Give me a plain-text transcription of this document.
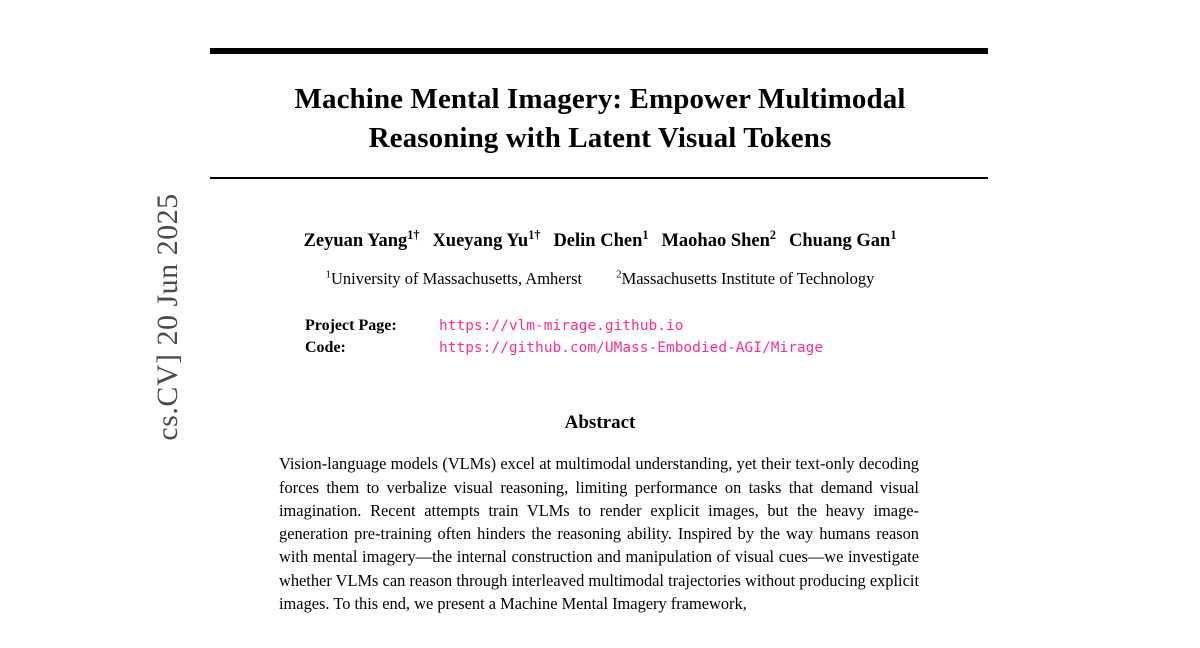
cs.CV] 20 Jun 2025
Machine Mental Imagery: Empower Multimodal
Reasoning with Latent Visual Tokens
Zeyuan Yang$^{1\dagger}$ Xueyang $Yu^{1\dagger}$ Delin Chen$^1$ Maohao Shen$^2$ Chuang Gan$^1$
$^1$University of Massachusetts, Amherst	$^2$Massachusetts Institute of Technology
Project Page:	https://vlm-mirage.github.io
Code:	https://github.com/UMass-Embodied-AGI/Mirage
Abstract
Vision-language models (VLMs) excel at multimodal understanding, yet their text-only decoding forces them to verbalize visual reasoning, limiting performance on tasks that demand visual imagination. Recent attempts train VLMs to render explicit images, but the heavy image-generation pre-training often hinders the reasoning ability. Inspired by the way humans reason with mental imagery—the internal construction and manipulation of visual cues—we investigate whether VLMs can reason through interleaved multimodal trajectories without producing explicit images. To this end, we present a Machine Mental Imagery framework,
